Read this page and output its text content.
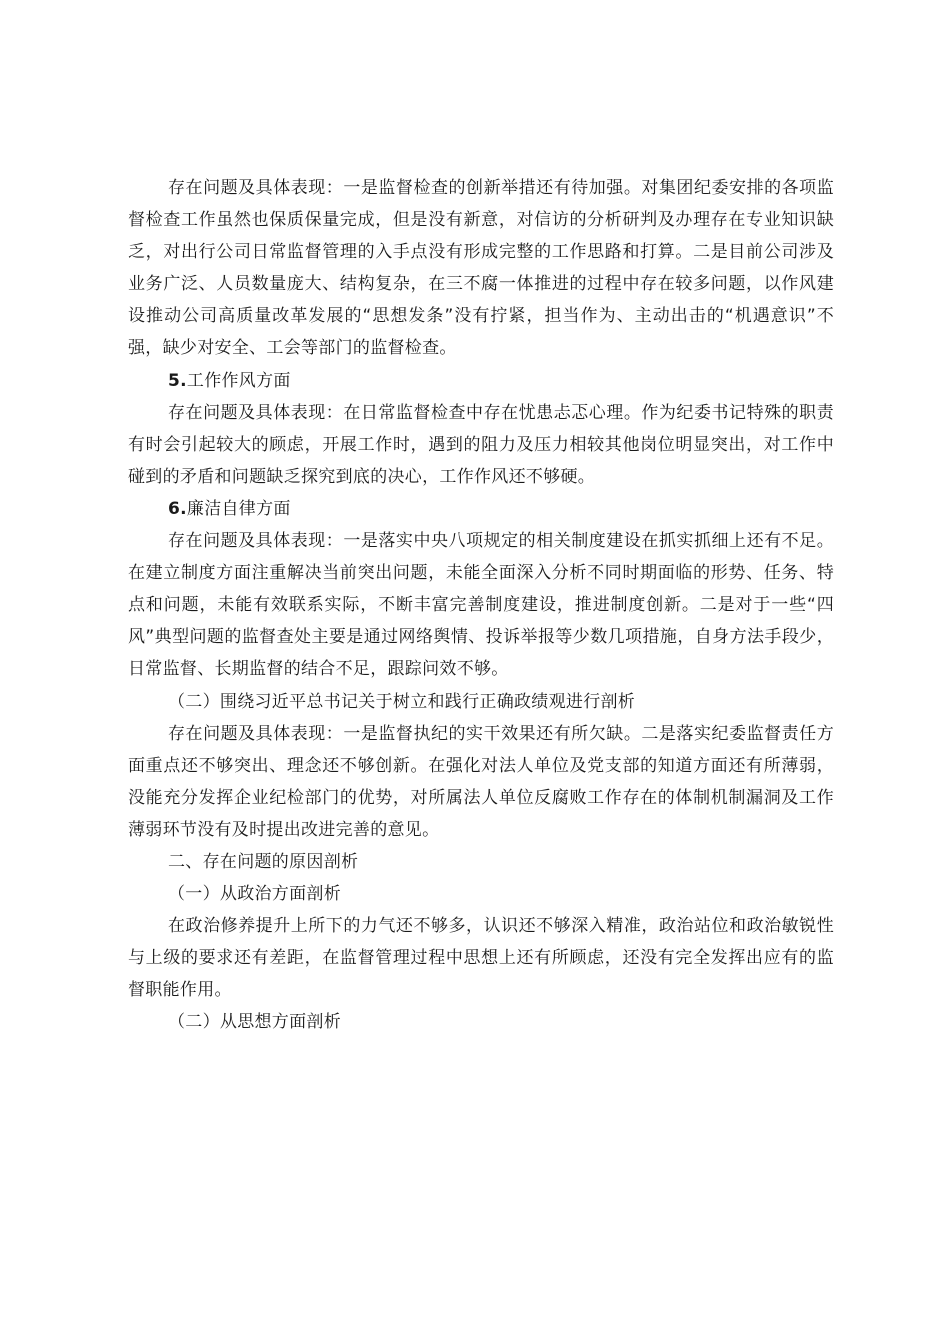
存在问题及具体表现：一是监督检查的创新举措还有待加强。对集团纪委安排的各项监督检查工作虽然也保质保量完成，但是没有新意，对信访的分析研判及办理存在专业知识缺乏，对出行公司日常监督管理的入手点没有形成完整的工作思路和打算。二是目前公司涉及业务广泛、人员数量庞大、结构复杂，在三不腐一体推进的过程中存在较多问题，以作风建设推动公司高质量改革发展的“思想发条”没有拧紧，担当作为、主动出击的“机遇意识”不强，缺少对安全、工会等部门的监督检查。

5.工作作风方面

存在问题及具体表现：在日常监督检查中存在忧患忐忑心理。作为纪委书记特殊的职责有时会引起较大的顾虑，开展工作时，遇到的阻力及压力相较其他岗位明显突出，对工作中碰到的矛盾和问题缺乏探究到底的决心，工作作风还不够硬。

6.廉洁自律方面

存在问题及具体表现：一是落实中央八项规定的相关制度建设在抓实抓细上还有不足。在建立制度方面注重解决当前突出问题，未能全面深入分析不同时期面临的形势、任务、特点和问题，未能有效联系实际，不断丰富完善制度建设，推进制度创新。二是对于一些“四风”典型问题的监督查处主要是通过网络舆情、投诉举报等少数几项措施，自身方法手段少，日常监督、长期监督的结合不足，跟踪问效不够。

（二）围绕习近平总书记关于树立和践行正确政绩观进行剖析

存在问题及具体表现：一是监督执纪的实干效果还有所欠缺。二是落实纪委监督责任方面重点还不够突出、理念还不够创新。在强化对法人单位及党支部的知道方面还有所薄弱，没能充分发挥企业纪检部门的优势，对所属法人单位反腐败工作存在的体制机制漏洞及工作薄弱环节没有及时提出改进完善的意见。

二、存在问题的原因剖析

（一）从政治方面剖析

在政治修养提升上所下的力气还不够多，认识还不够深入精准，政治站位和政治敏锐性与上级的要求还有差距，在监督管理过程中思想上还有所顾虑，还没有完全发挥出应有的监督职能作用。

（二）从思想方面剖析
